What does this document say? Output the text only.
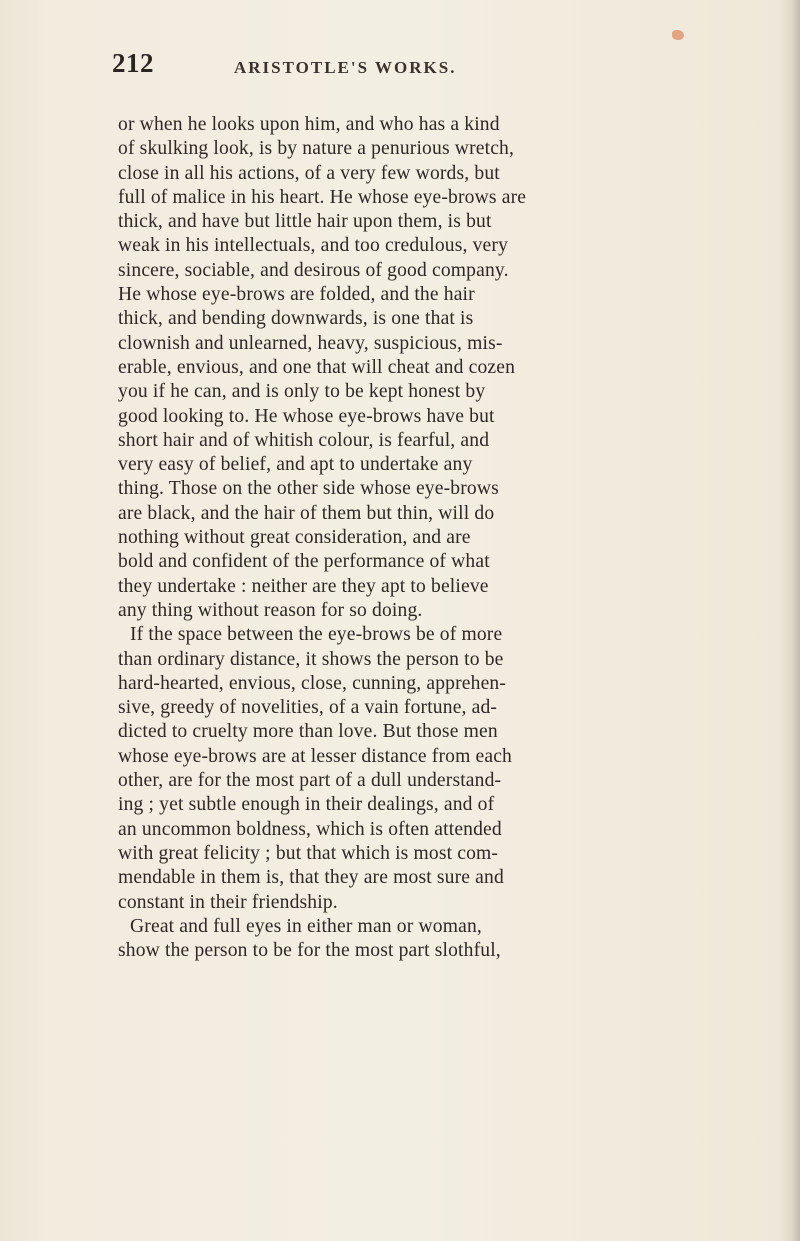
212	ARISTOTLE'S WORKS.
or when he looks upon him, and who has a kind
of skulking look, is by nature a penurious wretch,
close in all his actions, of a very few words, but
full of malice in his heart. He whose eye-brows are
thick, and have but little hair upon them, is but
weak in his intellectuals, and too credulous, very
sincere, sociable, and desirous of good company.
He whose eye-brows are folded, and the hair
thick, and bending downwards, is one that is
clownish and unlearned, heavy, suspicious, mis-
erable, envious, and one that will cheat and cozen
you if he can, and is only to be kept honest by
good looking to. He whose eye-brows have but
short hair and of whitish colour, is fearful, and
very easy of belief, and apt to undertake any
thing. Those on the other side whose eye-brows
are black, and the hair of them but thin, will do
nothing without great consideration, and are
bold and confident of the performance of what
they undertake : neither are they apt to believe
any thing without reason for so doing.
If the space between the eye-brows be of more
than ordinary distance, it shows the person to be
hard-hearted, envious, close, cunning, apprehen-
sive, greedy of novelities, of a vain fortune, ad-
dicted to cruelty more than love. But those men
whose eye-brows are at lesser distance from each
other, are for the most part of a dull understand-
ing ; yet subtle enough in their dealings, and of
an uncommon boldness, which is often attended
with great felicity ; but that which is most com-
mendable in them is, that they are most sure and
constant in their friendship.
Great and full eyes in either man or woman,
show the person to be for the most part slothful,
